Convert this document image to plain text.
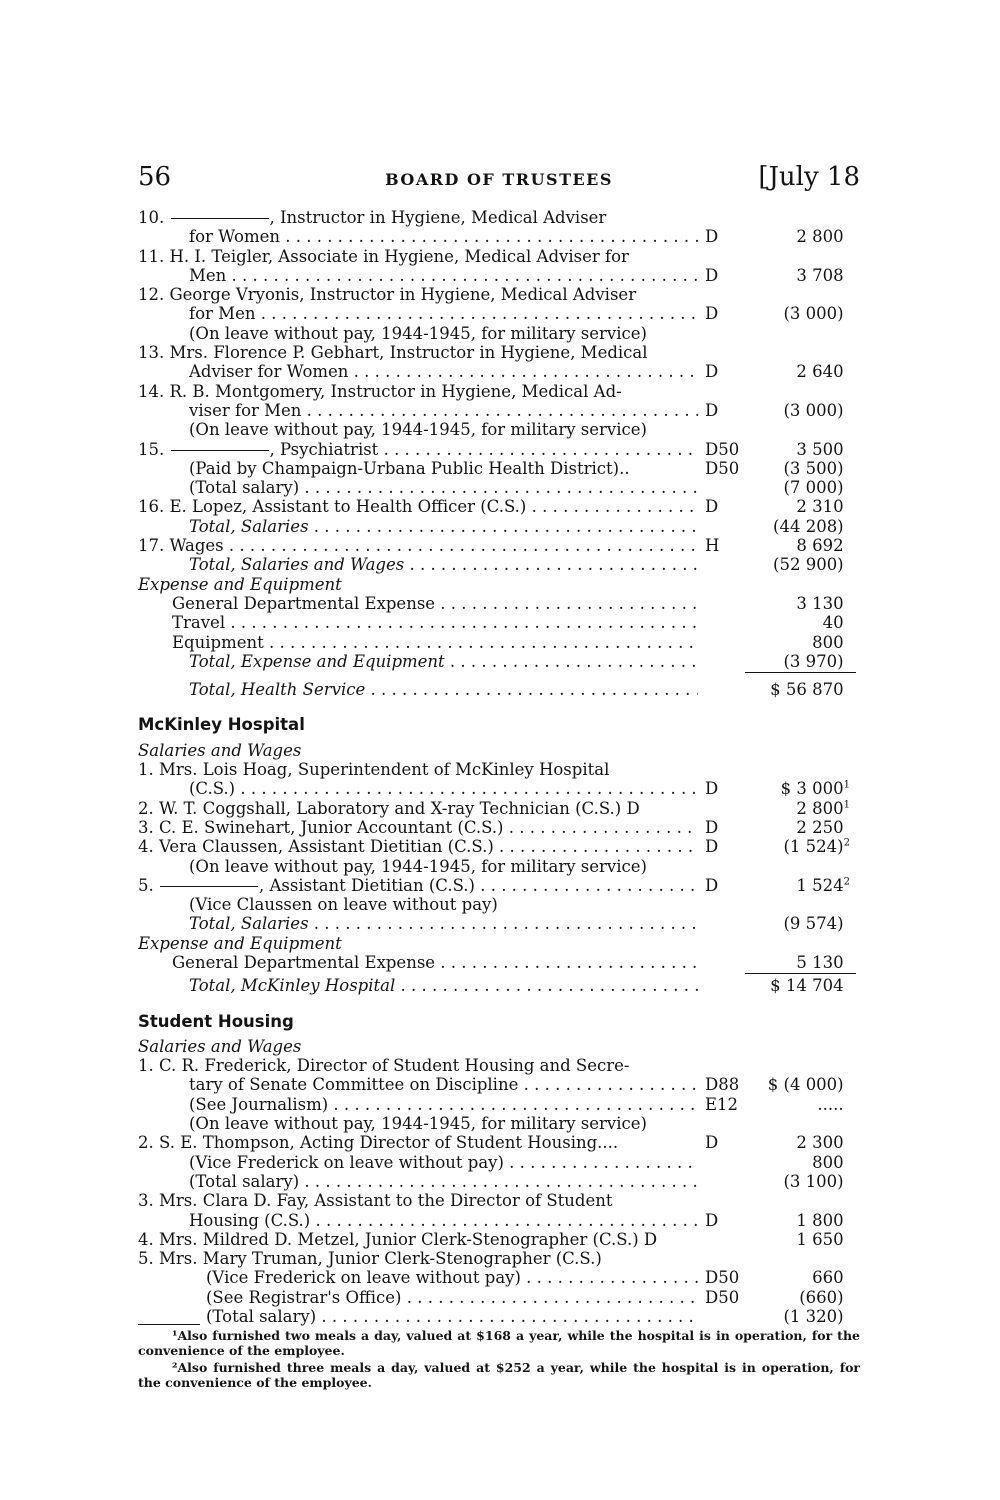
56	BOARD OF TRUSTEES	[July 18
10.	, Instructor in Hygiene, Medical Adviser
for Women . . .	D	2 800
11. H. I. Teigler, Associate in Hygiene, Medical Adviser for
Men . . .	D	3 708
12. George Vryonis, Instructor in Hygiene, Medical Adviser
for Men . . .	D	(3 000)
(On leave without pay, 1944-1945, for military service)
13. Mrs. Florence P. Gebhart, Instructor in Hygiene, Medical
Adviser for Women . . .	D	2 640
14. R. B. Montgomery, Instructor in Hygiene, Medical Ad-
viser for Men . . .	D	(3 000)
(On leave without pay, 1944-1945, for military service)
15.	, Psychiatrist . . .	D50	3 500
(Paid by Champaign-Urbana Public Health District)..	D50	(3 500)
(Total salary) . . .	(7 000)
16. E. Lopez, Assistant to Health Officer (C.S.) . . .	D	2 310
Total, Salaries . . .	(44 208)
17. Wages . . .	H	8 692
Total, Salaries and Wages . . .	(52 900)
Expense and Equipment
General Departmental Expense . . .	3 130
Travel . . .	40
Equipment . . .	800
Total, Expense and Equipment . . .	(3 970)
Total, Health Service . . .	$ 56 870
McKinley Hospital
Salaries and Wages
1. Mrs. Lois Hoag, Superintendent of McKinley Hospital
(C.S.) . . .	D	$ 3 $000^1$
2. W. T. Coggshall, Laboratory and X-ray Technician (C.S.) D	2 $800^1$
3. C. E. Swinehart, Junior Accountant (C.S.) . . .	D	2 250
4. Vera Claussen, Assistant Dietitian (C.S.) . . .	D	(1 524)$^2$
(On leave without pay, 1944-1945, for military service)
5.	, Assistant Dietitian (C.S.) . . .	D	1 $524^2$
(Vice Claussen on leave without pay)
Total, Salaries . . .	(9 574)
Expense and Equipment
General Departmental Expense . . .	5 130
Total, McKinley Hospital . . .	$ 14 704
Student Housing
Salaries and Wages
1. C. R. Frederick, Director of Student Housing and Secre-
tary of Senate Committee on Discipline . . .	D88	$ (4 000)
(See Journalism) . . .	E12	.....
(On leave without pay, 1944-1945, for military service)
2. S. E. Thompson, Acting Director of Student Housing....	D	2 300
(Vice Frederick on leave without pay) . . .	800
(Total salary) . . .	(3 100)
3. Mrs. Clara D. Fay, Assistant to the Director of Student
Housing (C.S.) . . .	D	1 800
4. Mrs. Mildred D. Metzel, Junior Clerk-Stenographer (C.S.) D	1 650
5. Mrs. Mary Truman, Junior Clerk-Stenographer (C.S.)
(Vice Frederick on leave without pay) . . .	D50	660
(See Registrar's Office) . . .	D50	(660)
(Total salary) . . .	(1 320)

¹Also furnished two meals a day, valued at $168 a year, while the hospital is in operation, for the convenience of the employee.

²Also furnished three meals a day, valued at $252 a year, while the hospital is in operation, for the convenience of the employee.
